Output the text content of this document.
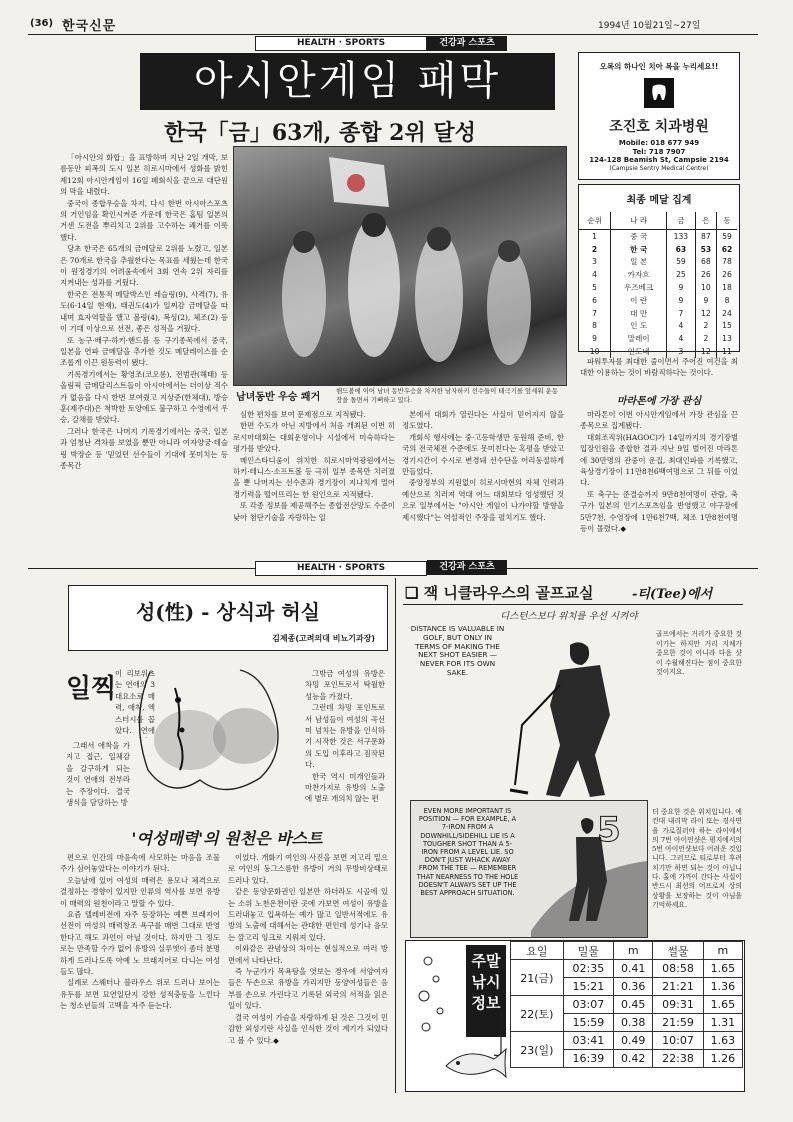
(36) 한국신문	1994년 10월21일~27일
HEALTH · SPORTS	건강과 스포츠
아시안게임 패막
한국「금」63개, 종합 2위 달성

「아시안의 화합」을 표방하며 지난 2일 개막, 보름동안 피폭의 도시 일본 히로시마에서 성화를 밝힌 제12회 아시안게임이 16일 폐회식을 끝으로 대단원의 막을 내렸다.

중국이 종합우승을 차지, 다시 한번 아시아스포츠의 거인임을 확인시켜준 가운데 한국은 홈팀 일본의 거센 도전을 뿌리치고 2위를 고수하는 쾌거를 이룩했다.

당초 한국은 65개의 금메달로 2위를 노렸고, 일본은 70개로 한국을 추월한다는 목표를 세웠는데 한국이 원정경기의 어려움속에서 3회 연속 2위 자리를 지켜내는 성과를 거뒀다.

한국은 전통적 메달박스인 레슬링(9), 사격(7), 유도(6·14일 현재), 태권도(4)가 일찌감 금메달을 따내며 효자역할을 했고 볼링(4), 복싱(2), 체조(2) 등이 기대 이상으로 선전, 좋은 성적을 거뒀다.

또 농구·배구·하키·핸드볼 등 구기종목에서 중국, 일본을 연파 금메달을 추가한 것도 메달레이스를 순조롭게 이끈 원동력이 됐다.

기록경기에서는 황영조(코오롱), 전범관(해태) 등 올림픽 금메달리스트들이 아시아에서는 더이상 적수가 없음을 다시 한번 보여줬고 지상준(한체대), 방승훈(제주대)은 척박한 토양에도 불구하고 수영에서 우승, 갈채를 받았다.

그러나 한국은 나머지 기록경기에서는 중국, 일본과 엄청난 격차를 보였을 뿐만 아니라 여자양궁·테슬링 박장순 등 '믿었던 선수들이 기대에 못미치는 등 종목간

남녀동반 우승 쾌거
핸드볼에 이어 남녀 동반우승을 차지한 남자하키 선수들이 태극기를 앞세워 운동장을 돌면서 기뻐하고 있다.

심한 편차를 보여 문제점으로 지적됐다.

한편 수도가 아닌 지방에서 처음 개최된 이번 히로시마대회는 대회운영이나 시설에서 미숙하다는 평가를 받았다.

메인스타디움이 위치한 히로시마역광원에서는 하키·테니스·소프트볼 등 극히 일부 종목만 치러졌을 뿐 나머지는 선수촌과 경기장이 지나치게 멀어 경기력을 떨어뜨리는 한 원인으로 지적됐다.

또 각종 정보를 제공해주는 종합전산망도 수준이 낮아 첨단기술을 자랑하는 일

본에서 대회가 열린다는 사실이 믿어지지 않을 정도였다.

개회식 행사에는 중·고등학생만 동원해 준비, 한국의 전국체전 수준에도 못미친다는 혹평을 받았고 경기시간이 수시로 변경돼 선수단을 어리둥절하게 만들었다.

중앙정부의 지원없이 히로시마현의 자체 인력과 예산으로 치러져 역대 어느 대회보다 엉성했던 것으로 일부에서는 "아시안 게임이 나가야할 방향을 제시했다"는 역설적인 주장을 펼치기도 했다.

오복의 하나인 치아 복을 누리세요!!
조진호 치과병원
Mobile: 018 677 949
Tel: 718 7907
124-128 Beamish St, Campsie 2194
(Campsie Sentry Medical Centre)
최종 메달 집계
순위	나 라	금	은	동
1	중 국	133	87	59
2	한 국	63	53	62
3	일 본	59	68	78
4	카자흐	25	26	26
5	우즈베크	9	10	18
6	이 란	9	9	8
7	대 만	7	12	24
8	인 도	4	2	15
9	말레이	4	2	13
10	인도네	3	12	11

파워투자를 최대한 줄이면서 주어진 여건을 최대한 이용하는 것이 바람직하다는 것이다.

마라톤에 가장 관심

마라톤이 이번 아시안게임에서 가장 관심을 끈 종목으로 집계됐다.

대회조직위(HAGOC)가 14일까지의 경기장별 입장인원을 종합한 결과 지난 9일 벌어진 마라톤에 30만명의 관중이 운집, 최대인파를 기록했고, 육상경기장이 11만8천6백여명으로 그 뒤를 이었다.

또 축구는 준결승까지 9만8천여명이 관람, 축구가 일본의 인기스포츠임을 반영했고 야구장에 5만7천, 수영장에 1만6천7백, 체조 1만8천여명등이 몰렸다.◆

HEALTH · SPORTS	건강과 스포츠
성(性) - 상식과 허실
김제종(고려의대 비뇨기과장)
일찍

이 리보위츠는 연애의 3대요소로 매력, 애착, 엑스터시를 꼽았다. 연애

그래서 애착을 가지고 접근, 일체감을 갈구하게 되는 것이 연애의 전부라는 주장이다. 결국 생식을 담당하는 방

그밖금 여성의 유방은 차밍 포인트로서 탁월한 성능을 가졌다.

그런데 차밍 포인트로서 남성들이 여성의 곡선미 넘치는 유방을 인식하기 시작한 것은 서구문화의 도입 이후라고 짐작된다.

한국 역시 미개인들과 마찬가지로 유방의 노출에 별로 개의치 않는 편

'여성매력'의 원천은 바스트

편으로 인간의 마음속에 사모하는 마음을 조물주가 심어놓았다는 이야기가 된다.

오늘날에 있어 여성의 매력은 용모나 체격으로 결정하는 경향이 있지만 인류의 역사를 보면 유방이 매력의 원천이라고 말할 수 있다.

요즘 텔레비전에 자주 등장하는 예쁜 브래지어 선전이 여성의 매력창조 욕구를 매번 그대로 반영한다고 해도 과언이 아닐 것이다. 하지만 그 정도로는 만족할 수가 없어 유방의 실루엣이 좀더 분명하게 드러나도록 아예 노 브래지어로 다니는 여성들도 많다.

실례로 스웨터나 블라우스 위로 드러나 보이는 유두를 보면 묘연일단지 강한 성적충동을 느낀다는 청소년들의 고백을 자주 듣는다.

이었다. 개화기 여인의 사진을 보면 저고리 밑으로 여인의 둥그스름한 유방이 거의 무방비상태로 드러나 있다.

같은 동양문화권인 일본만 하더라도 시골에 있는 소위 노천온천이란 곳에 가보면 여성이 유방을 드러내놓고 입욕하는 예가 많고 일반서적에도 유방의 노출에 대해서는 관대한 편인데 성기나 음모는 깜고리 잉크로 지워져 있다.

이와같은 관념상의 차이는 현실적으로 여러 방면에서 나타난다.

즉 누군가가 목욕탕을 엿보는 경우에 서양여자들은 두손으로 유방을 가리지만 동양여성들은 음부를 손으로 가린다고 기록된 외국의 서적을 읽은 일이 있다.

결국 여성이 가슴을 자랑하게 된 것은 그것이 민감한 외성기란 사실을 인식한 것이 계기가 되었다고 볼 수 있다.◆

❑ 잭 니클라우스의 골프교실	-티(Tee)에서
디스턴스보다 위치를 우선 시켜야
DISTANCE IS VALUABLE IN GOLF, BUT ONLY IN TERMS OF MAKING THE NEXT SHOT EASIER — NEVER FOR ITS OWN SAKE.

골프에서는 거리가 중요한 것이기는 하지만 거리 지체가 중요한 것이 아니라 다음 샷이 수월해진다는 점이 중요한 것이지요.

EVEN MORE IMPORTANT IS POSITION — FOR EXAMPLE, A 7-IRON FROM A DOWNHILL/SIDEHILL LIE IS A TOUGHER SHOT THAN A 5-IRON FROM A LEVEL LIE. SO DON'T JUST WHACK AWAY FROM THE TEE — REMEMBER THAT NEARNESS TO THE HOLE DOESN'T ALWAYS SET UP THE BEST APPROACH SITUATION.
5	더 중요한 것은 위치입니다. 예컨대 내리막 라이 또는 경사면을 가로질러야 하는 라이에서의 7번 아이언샷은 평지에서의 5번 아이언샷보다 어려운 것입니다. 그러므로 티로부터 후려치기만 하면 되는 것이 아닙니다. 홀에 가까이 간다는 사실이 반드시 최선의 어프로치 상의 상황을 보장하는 것이 아님을 기억하세요.

주말
낚시
정보
요일	밀물	m	썰물	m
21(금)	02:35	0.41	08:58	1.65
	15:21	0.36	21:21	1.36
22(토)	03:07	0.45	09:31	1.65
	15:59	0.38	21:59	1.31
23(일)	03:41	0.49	10:07	1.63
	16:39	0.42	22:38	1.26
